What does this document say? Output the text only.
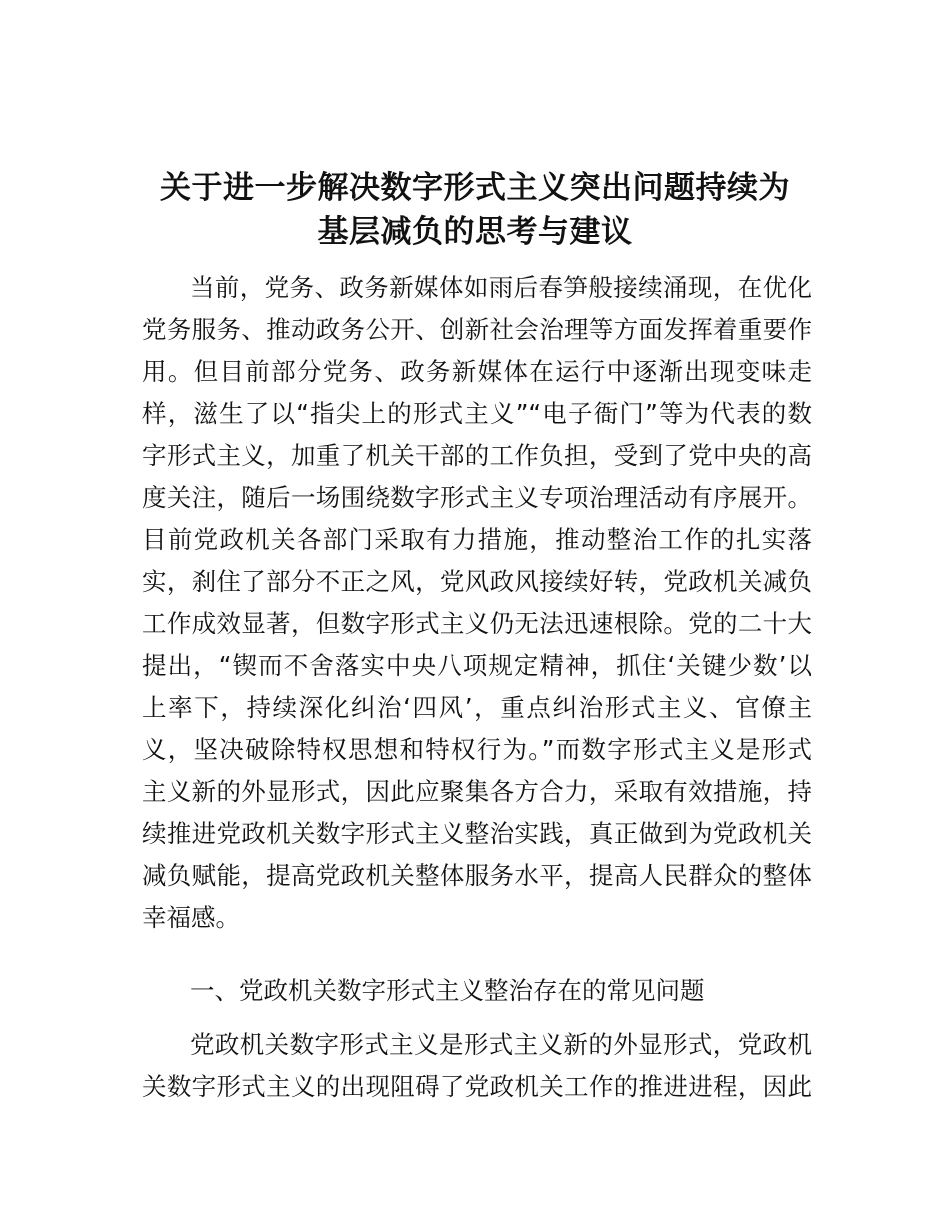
关于进一步解决数字形式主义突出问题持续为
基层减负的思考与建议

当前，党务、政务新媒体如雨后春笋般接续涌现，在优化

党务服务、推动政务公开、创新社会治理等方面发挥着重要作

用。但目前部分党务、政务新媒体在运行中逐渐出现变味走

样，滋生了以“指尖上的形式主义”“电子衙门”等为代表的数

字形式主义，加重了机关干部的工作负担，受到了党中央的高

度关注，随后一场围绕数字形式主义专项治理活动有序展开。

目前党政机关各部门采取有力措施，推动整治工作的扎实落

实，刹住了部分不正之风，党风政风接续好转，党政机关减负

工作成效显著，但数字形式主义仍无法迅速根除。党的二十大

提出，“锲而不舍落实中央八项规定精神，抓住‘关键少数’以

上率下，持续深化纠治‘四风’，重点纠治形式主义、官僚主

义，坚决破除特权思想和特权行为。”而数字形式主义是形式

主义新的外显形式，因此应聚集各方合力，采取有效措施，持

续推进党政机关数字形式主义整治实践，真正做到为党政机关

减负赋能，提高党政机关整体服务水平，提高人民群众的整体

幸福感。

一、党政机关数字形式主义整治存在的常见问题

党政机关数字形式主义是形式主义新的外显形式，党政机

关数字形式主义的出现阻碍了党政机关工作的推进进程，因此
